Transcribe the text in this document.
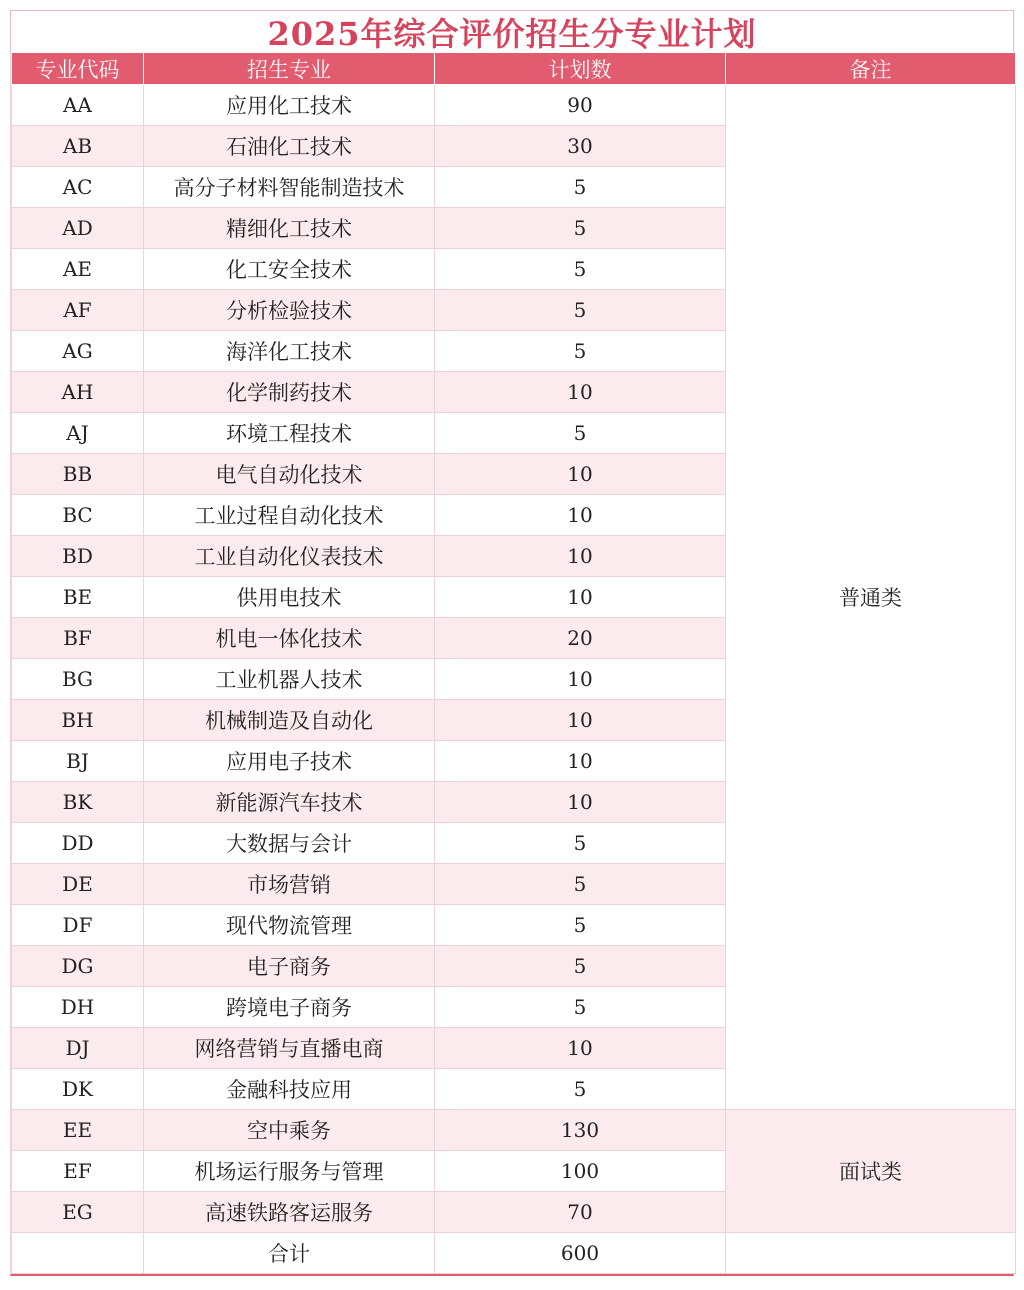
2025年综合评价招生分专业计划
专业代码	招生专业	计划数	备注
AA	应用化工技术	90	普通类
AB	石油化工技术	30	
AC	高分子材料智能制造技术	5	
AD	精细化工技术	5	
AE	化工安全技术	5	
AF	分析检验技术	5	
AG	海洋化工技术	5	
AH	化学制药技术	10	
AJ	环境工程技术	5	
BB	电气自动化技术	10	
BC	工业过程自动化技术	10	
BD	工业自动化仪表技术	10	
BE	供用电技术	10	
BF	机电一体化技术	20	
BG	工业机器人技术	10	
BH	机械制造及自动化	10	
BJ	应用电子技术	10	
BK	新能源汽车技术	10	
DD	大数据与会计	5	
DE	市场营销	5	
DF	现代物流管理	5	
DG	电子商务	5	
DH	跨境电子商务	5	
DJ	网络营销与直播电商	10	
DK	金融科技应用	5	
EE	空中乘务	130	面试类
EF	机场运行服务与管理	100	
EG	高速铁路客运服务	70	
	合计	600	
